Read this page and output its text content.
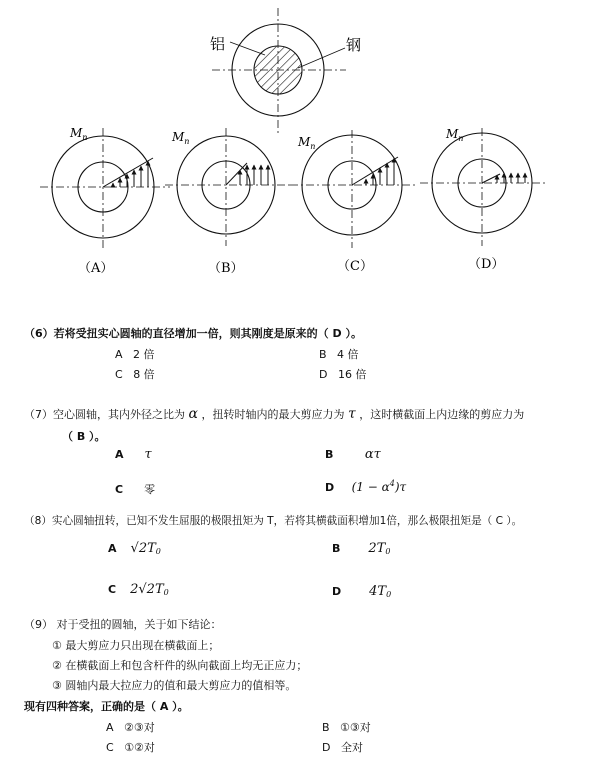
铝	钢
$M_n$
（A）
$M_n$
（B）
$M_n$
（C）
$M_n$
（D）
（6）若将受扭实心圆轴的直径增加一倍，则其刚度是原来的（ D ）。
A 2 倍	B 4 倍
C 8 倍	D 16 倍
（7）空心圆轴，其内外径之比为 α ，扭转时轴内的最大剪应力为 τ ，这时横截面上内边缘的剪应力为
（ B ）。
A τ	B ατ
C 零	D $(1 - \alpha^4)\tau$
（8）实心圆轴扭转，已知不发生屈服的极限扭矩为 T，若将其横截面积增加1倍，那么极限扭矩是（ C ）。
A $√2T_0$	B $2T_0$
C $2√2T_0$	D $4T_0$
（9） 对于受扭的圆轴，关于如下结论：
① 最大剪应力只出现在横截面上；
② 在横截面上和包含杆件的纵向截面上均无正应力；
③ 圆轴内最大拉应力的值和最大剪应力的值相等。
现有四种答案，正确的是（ A ）。
A ②③对	B ①③对
C ①②对	D 全对
